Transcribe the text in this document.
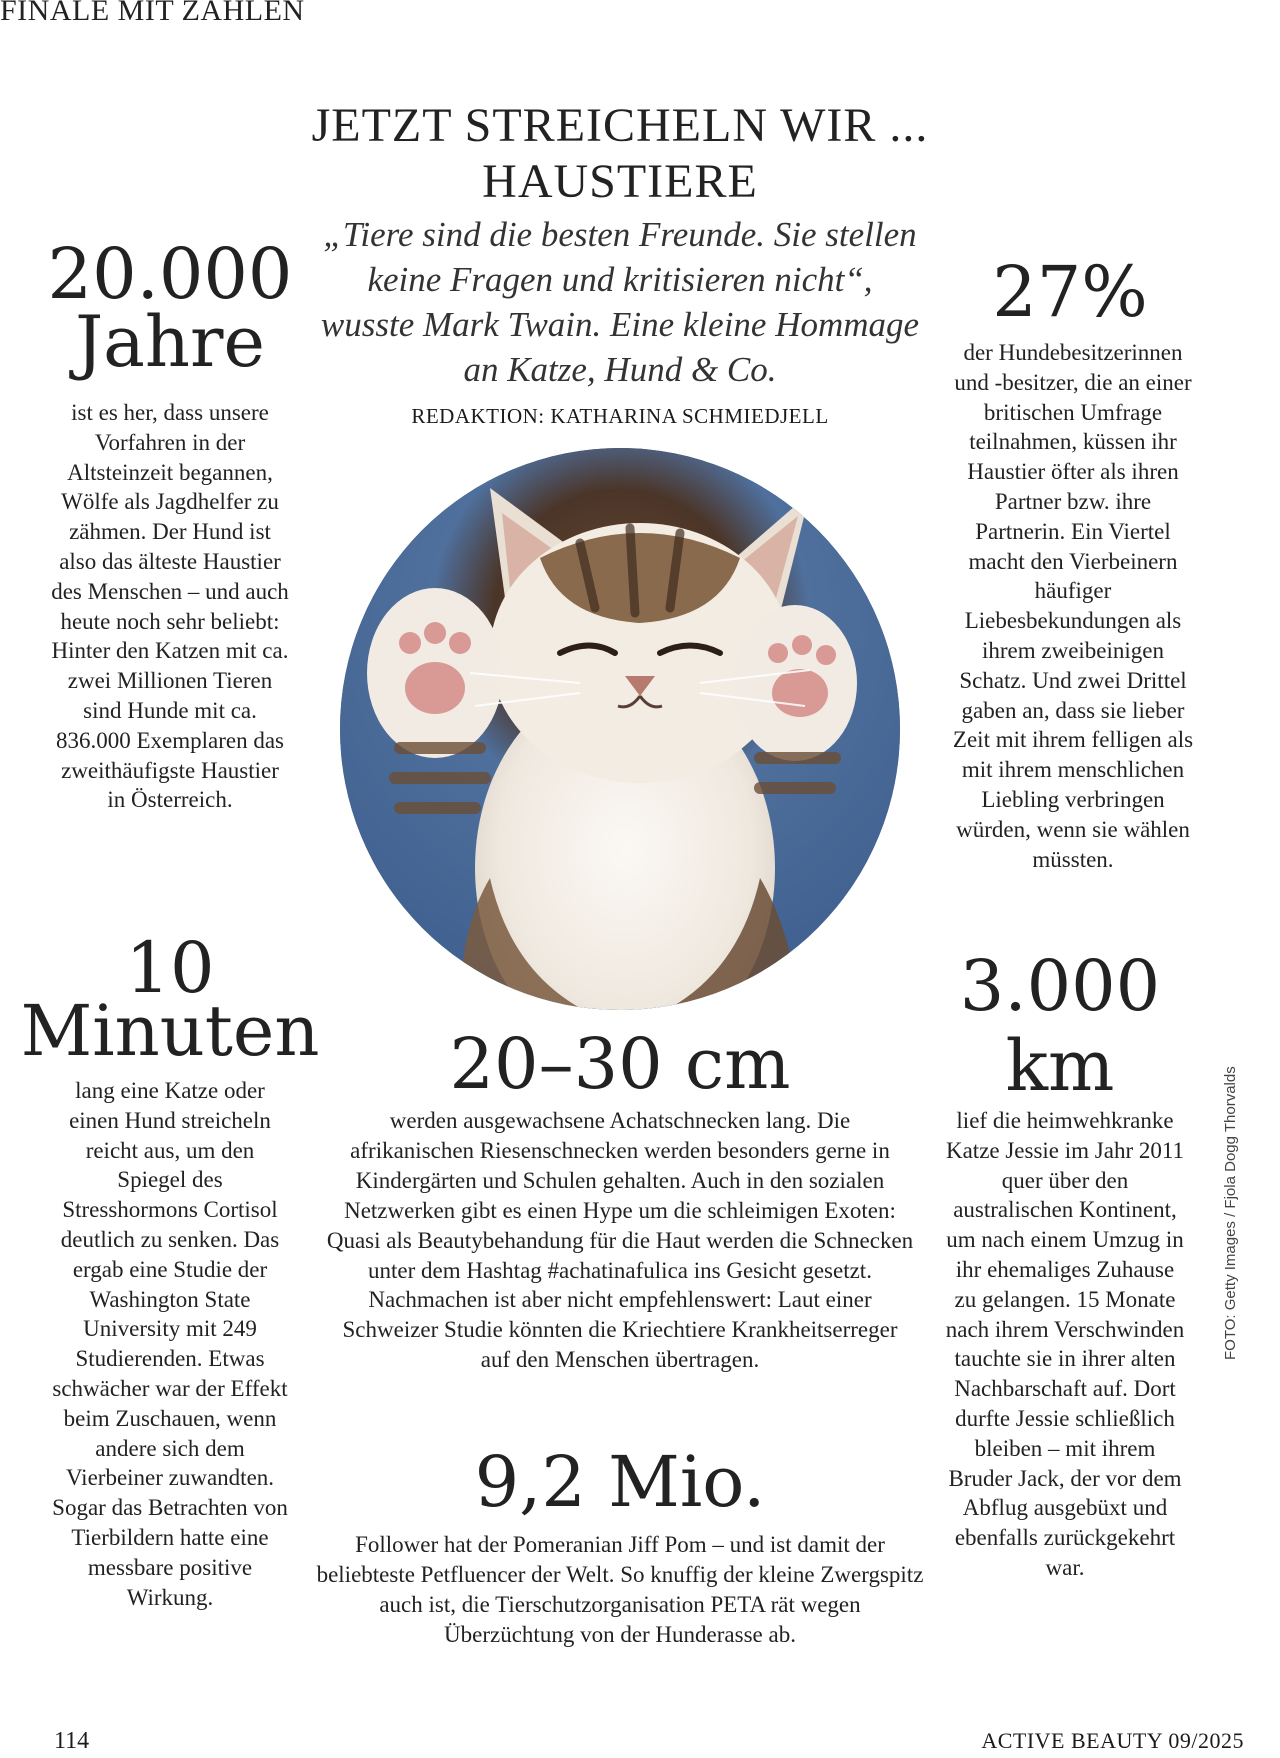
FINALE MIT ZAHLEN
JETZT STREICHELN WIR ...
HAUSTIERE

„Tiere sind die besten Freunde. Sie stellen keine Fragen und kritisieren nicht“, wusste Mark Twain. Eine kleine Hommage an Katze, Hund & Co.

REDAKTION: KATHARINA SCHMIEDJELL
20.000
Jahre

ist es her, dass unsere Vorfahren in der Altsteinzeit begannen, Wölfe als Jagdhelfer zu zähmen. Der Hund ist also das älteste Haustier des Menschen – und auch heute noch sehr beliebt: Hinter den Katzen mit ca. zwei Millionen Tieren sind Hunde mit ca. 836.000 Exemplaren das zweithäufigste Haustier in Österreich.

10
Minuten

lang eine Katze oder einen Hund streicheln reicht aus, um den Spiegel des Stresshormons Cortisol deutlich zu senken. Das ergab eine Studie der Washington State University mit 249 Studierenden. Etwas schwächer war der Effekt beim Zuschauen, wenn andere sich dem Vierbeiner zuwandten. Sogar das Betrachten von Tierbildern hatte eine messbare positive Wirkung.

27%

der Hundebesitzerinnen und -besitzer, die an einer britischen Umfrage teilnahmen, küssen ihr Haustier öfter als ihren Partner bzw. ihre Partnerin. Ein Viertel macht den Vierbeinern häufiger Liebesbekundungen als ihrem zweibeinigen Schatz. Und zwei Drittel gaben an, dass sie lieber Zeit mit ihrem felligen als mit ihrem menschlichen Liebling verbringen würden, wenn sie wählen müssten.

3.000
km

lief die heimwehkranke Katze Jessie im Jahr 2011 quer über den australischen Kontinent, um nach einem Umzug in ihr ehemaliges Zuhause zu gelangen. 15 Monate nach ihrem Verschwinden tauchte sie in ihrer alten Nachbarschaft auf. Dort durfte Jessie schließlich bleiben – mit ihrem Bruder Jack, der vor dem Abflug ausgebüxt und ebenfalls zurückgekehrt war.

20–30 cm

werden ausgewachsene Achatschnecken lang. Die afrikanischen Riesenschnecken werden besonders gerne in Kindergärten und Schulen gehalten. Auch in den sozialen Netzwerken gibt es einen Hype um die schleimigen Exoten: Quasi als Beautybehandung für die Haut werden die Schnecken unter dem Hashtag #achatinafulica ins Gesicht gesetzt. Nachmachen ist aber nicht empfehlenswert: Laut einer Schweizer Studie könnten die Kriechtiere Krankheitserreger auf den Menschen übertragen.

9,2 Mio.

Follower hat der Pomeranian Jiff Pom – und ist damit der beliebteste Petfluencer der Welt. So knuffig der kleine Zwergspitz auch ist, die Tierschutzorganisation PETA rät wegen Überzüchtung von der Hunderasse ab.

114	ACTIVE BEAUTY 09/2025
FOTO: Getty Images / Fjola Dogg Thorvalds
